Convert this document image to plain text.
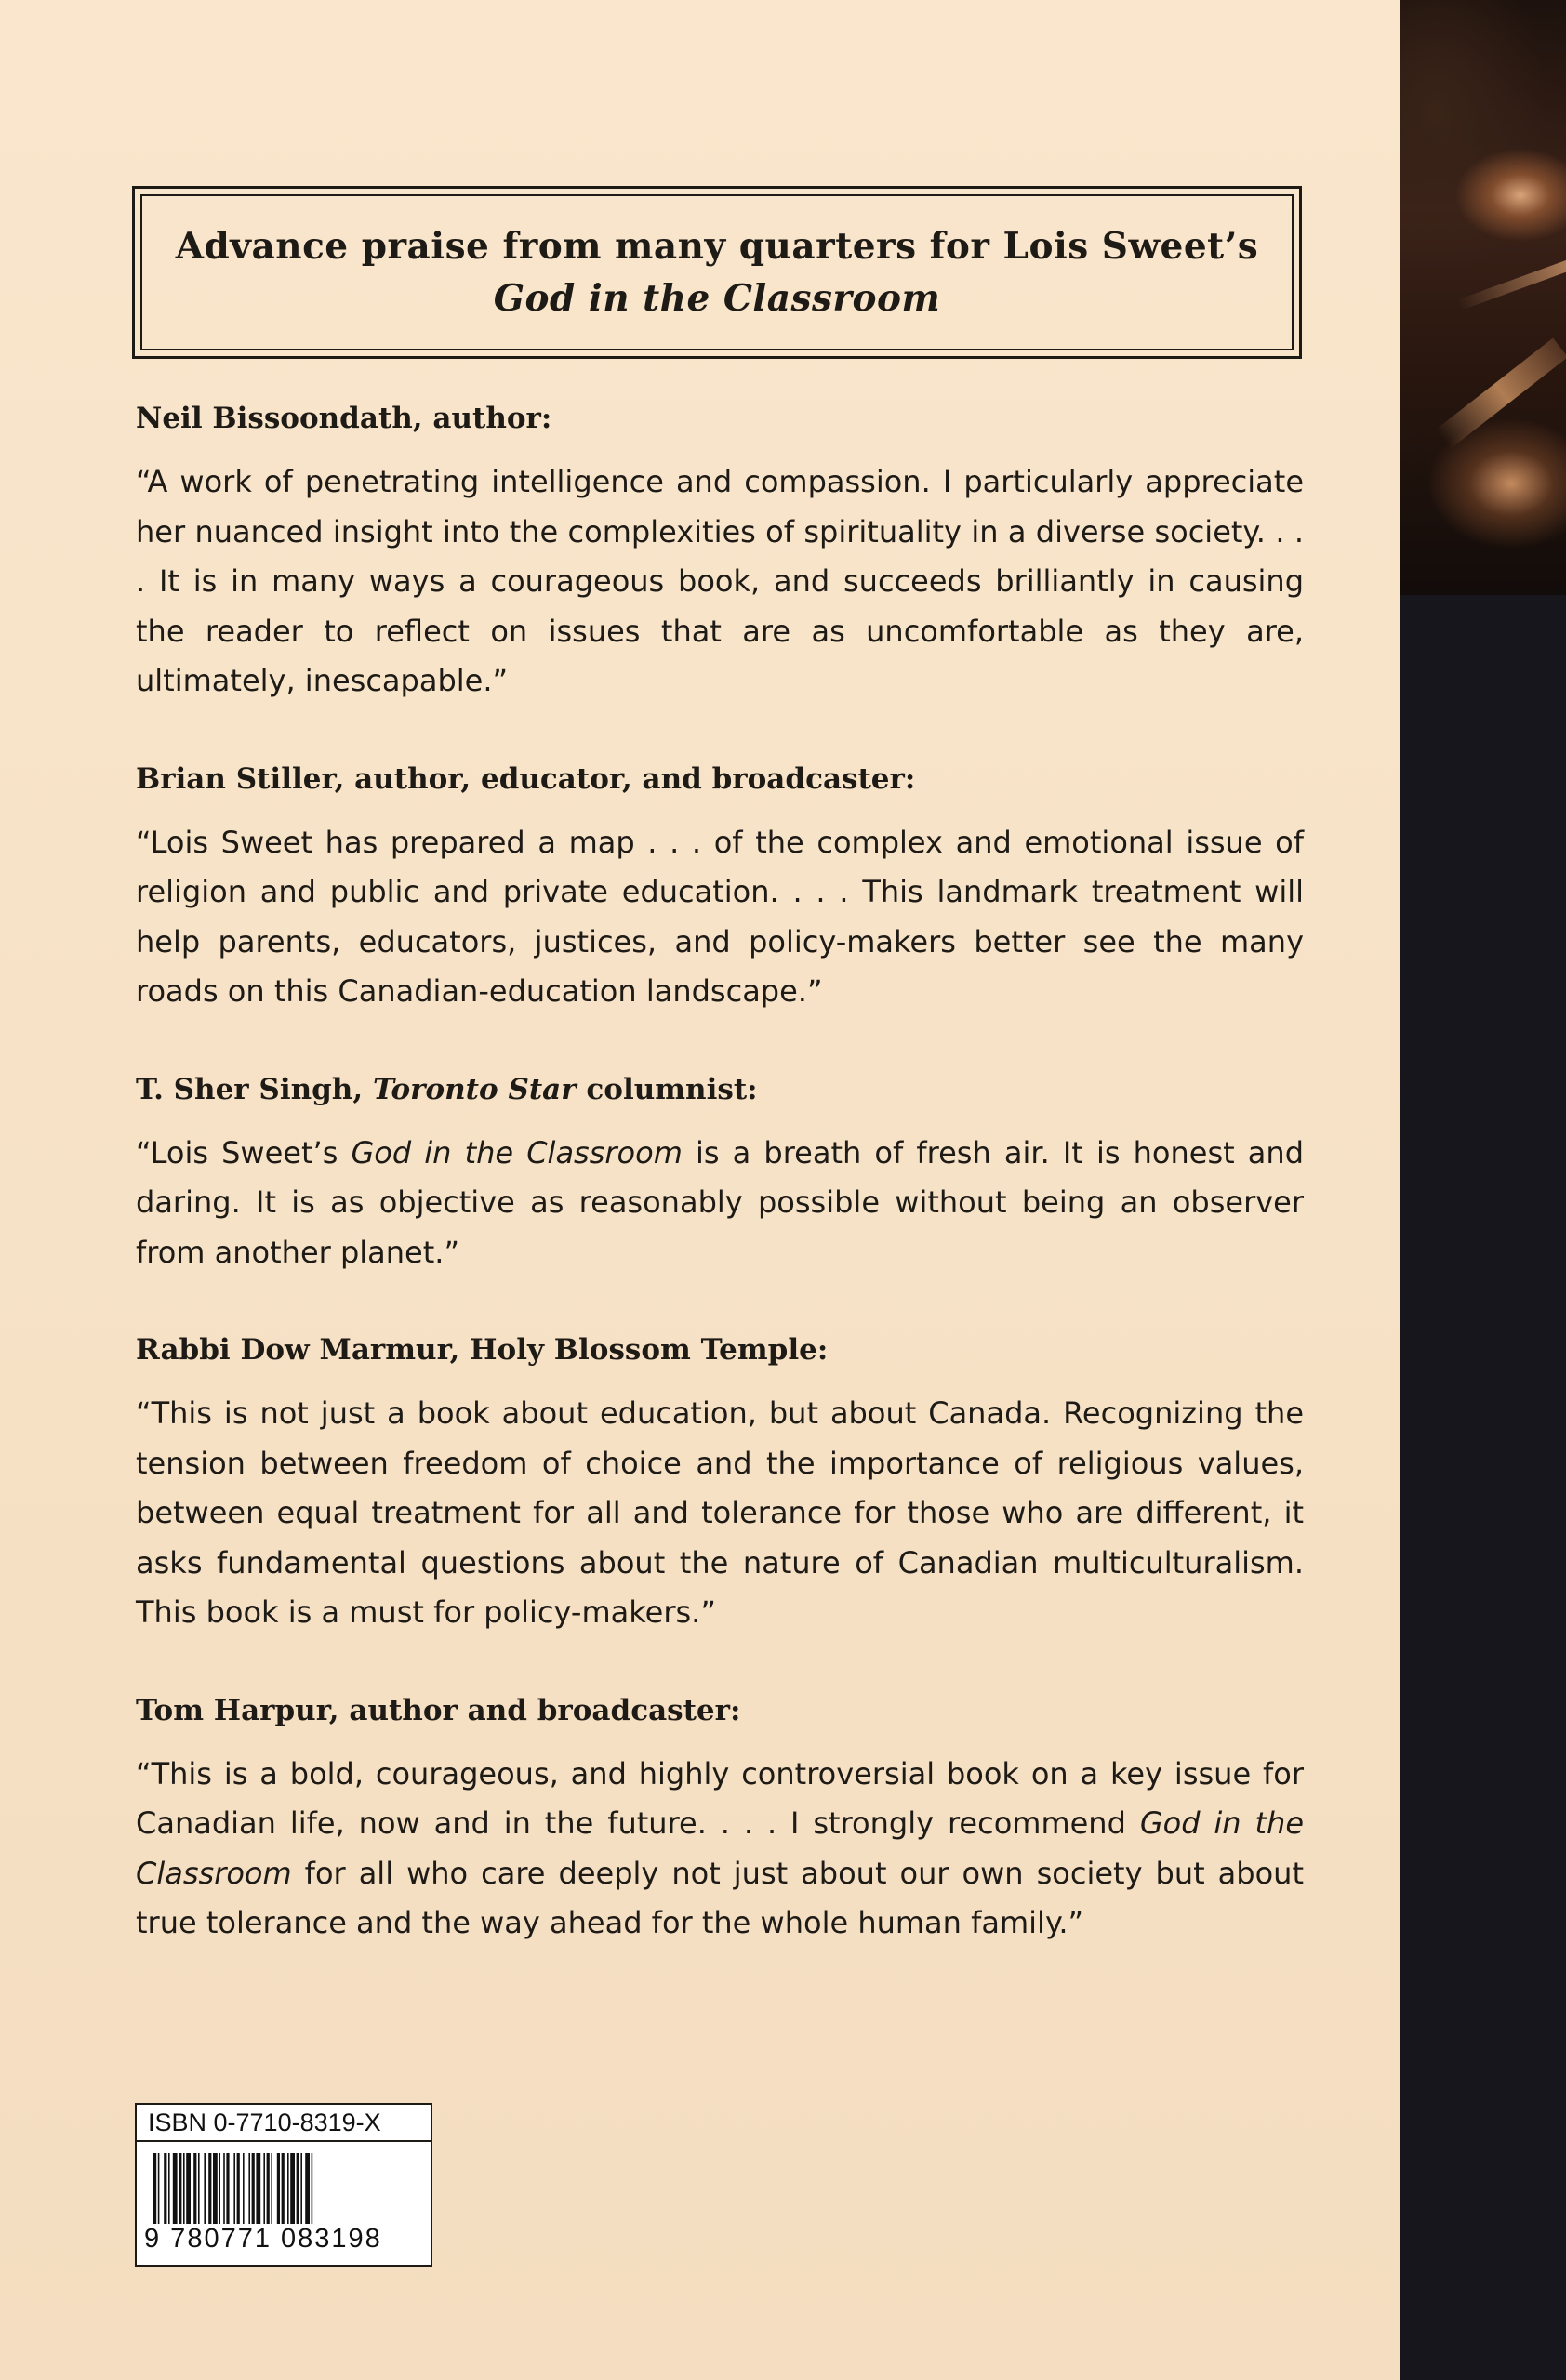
Advance praise from many quarters for Lois Sweet’s
God in the Classroom
Neil Bissoondath, author:

“A work of penetrating intelligence and compassion. I particularly appreciate her nuanced insight into the complexities of spirituality in a diverse society. . . . It is in many ways a courageous book, and succeeds brilliantly in causing the reader to reflect on issues that are as uncomfortable as they are, ultimately, inescapable.”

Brian Stiller, author, educator, and broadcaster:

“Lois Sweet has prepared a map . . . of the complex and emotional issue of religion and public and private education. . . . This landmark treatment will help parents, educators, justices, and policy-makers better see the many roads on this Canadian-education landscape.”

T. Sher Singh, Toronto Star columnist:

“Lois Sweet’s God in the Classroom is a breath of fresh air. It is honest and daring. It is as objective as reasonably possible without being an observer from another planet.”

Rabbi Dow Marmur, Holy Blossom Temple:

“This is not just a book about education, but about Canada. Recognizing the tension between freedom of choice and the importance of religious values, between equal treatment for all and tolerance for those who are different, it asks fundamental questions about the nature of Canadian multiculturalism. This book is a must for policy-makers.”

Tom Harpur, author and broadcaster:

“This is a bold, courageous, and highly controversial book on a key issue for Canadian life, now and in the future. . . . I strongly recommend God in the Classroom for all who care deeply not just about our own society but about true tolerance and the way ahead for the whole human family.”

ISBN 0-7710-8319-X
9 780771 083198
